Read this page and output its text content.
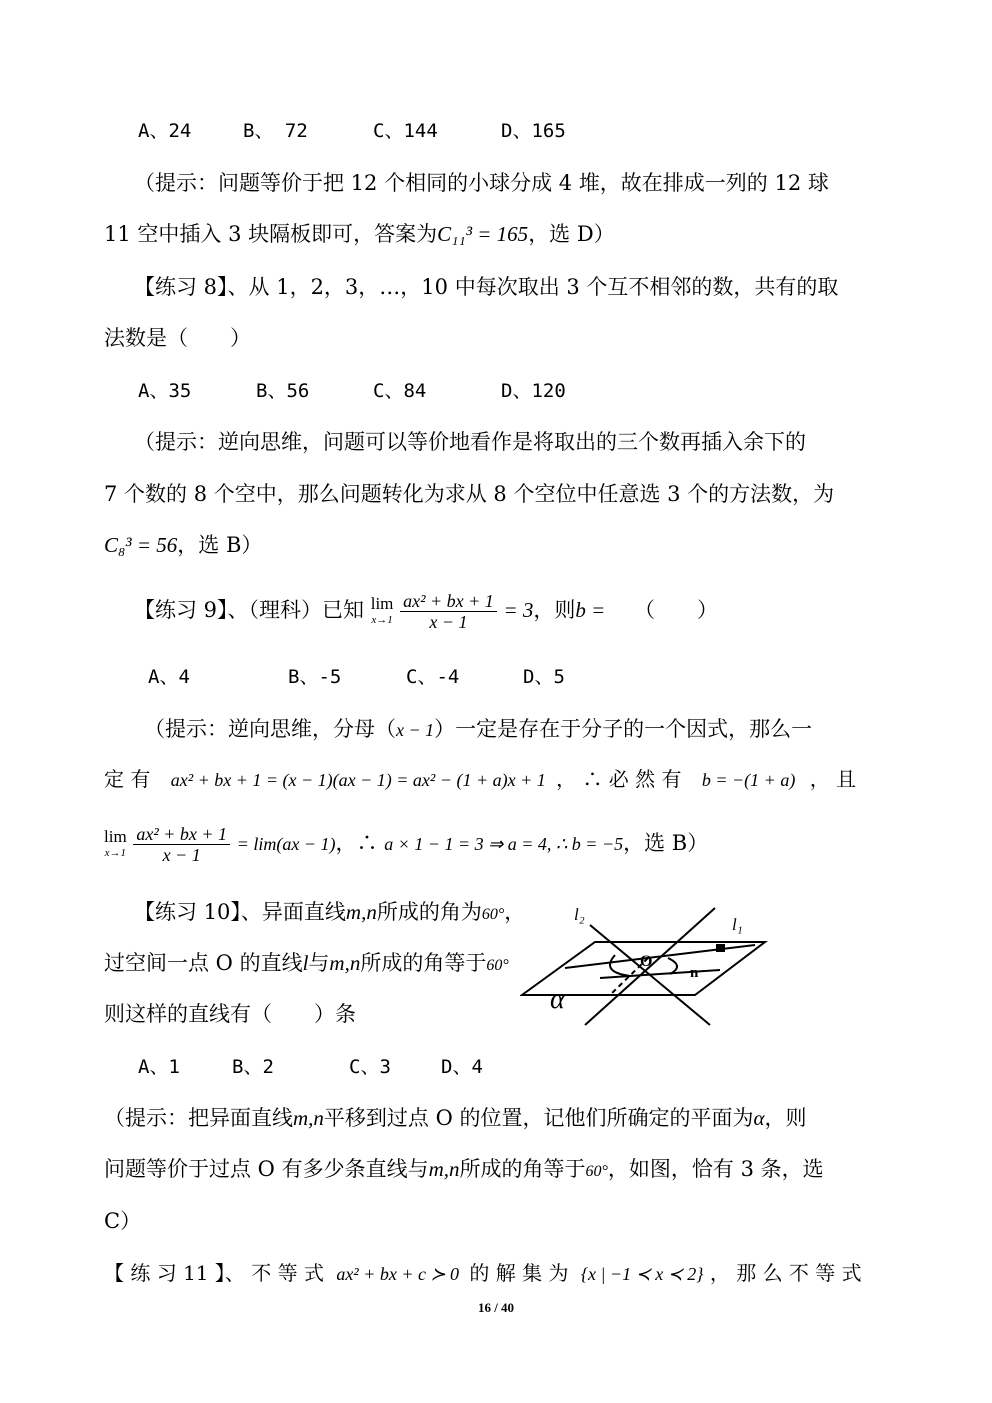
A、24	B、 72	C、144	D、165
（提示：问题等价于把 12 个相同的小球分成 4 堆，故在排成一列的 12 球
11 空中插入 3 块隔板即可，答案为C₁₁³ = 165，选 D）
【练习 8】、从 1，2，3，…，10 中每次取出 3 个互不相邻的数，共有的取
法数是（　　）
A、35	B、56	C、84	D、120
（提示：逆向思维，问题可以等价地看作是将取出的三个数再插入余下的
7 个数的 8 个空中，那么问题转化为求从 8 个空位中任意选 3 个的方法数，为
C₈³ = 56，选 B）
【练习 9】、（理科）已知 lim
x→1
$\frac{\text{ax² + bx + 1}}{x - 1} = 3$，则b = （　　）
A、4	B、-5	C、-4	D、5
（提示：逆向思维，分母（x − 1）一定是存在于分子的一个因式，那么一
定 有 ax² + bx + 1 = (x − 1)(ax − 1) = ax² − (1 + a)x + 1 ， ∴ 必 然 有 b = −(1 + a) ， 且
lim
x→1
$\frac{\text{ax² + bx + 1}}{x - 1} = \lim(ax - 1)$，∴ a × 1 − 1 = 3 ⇒ a = 4, ∴ b = −5，选 B）
【练习 10】、异面直线m,n所成的角为60°，
过空间一点 O 的直线l与m,n所成的角等于60°
则这样的直线有（　　）条
l₂
l₁
O
n
α
A、1	B、2	C、3	D、4
（提示：把异面直线m,n平移到过点 O 的位置，记他们所确定的平面为α，则
问题等价于过点 O 有多少条直线与m,n所成的角等于60°，如图，恰有 3 条，选
C）
【 练 习 11 】、 不 等 式 ax² + bx + c ≻ 0 的 解 集 为 {x | −1 ≺ x ≺ 2} ， 那 么 不 等 式
16 / 40
